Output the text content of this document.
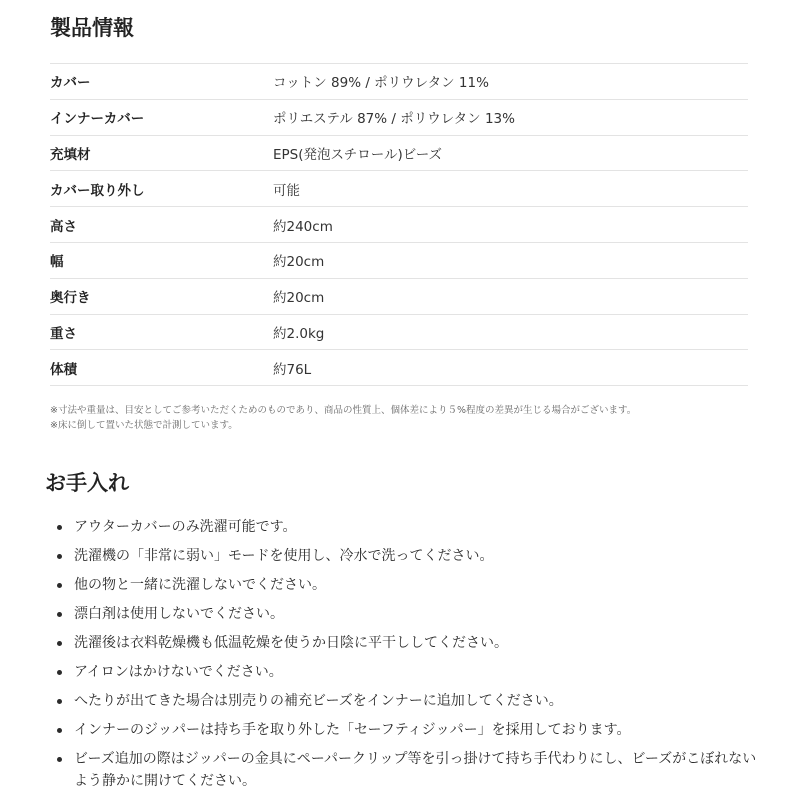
製品情報
カバー	コットン 89% / ポリウレタン 11%
インナーカバー	ポリエステル 87% / ポリウレタン 13%
充填材	EPS(発泡スチロール)ビーズ
カバー取り外し	可能
高さ	約240cm
幅	約20cm
奥行き	約20cm
重さ	約2.0kg
体積	約76L
※寸法や重量は、目安としてご参考いただくためのものであり、商品の性質上、個体差により５%程度の差異が生じる場合がございます。
※床に倒して置いた状態で計測しています。
お手入れ
アウターカバーのみ洗濯可能です。
洗濯機の「非常に弱い」モードを使用し、冷水で洗ってください。
他の物と一緒に洗濯しないでください。
漂白剤は使用しないでください。
洗濯後は衣料乾燥機も低温乾燥を使うか日陰に平干ししてください。
アイロンはかけないでください。
へたりが出てきた場合は別売りの補充ビーズをインナーに追加してください。
インナーのジッパーは持ち手を取り外した「セーフティジッパー」を採用しております。
ビーズ追加の際はジッパーの金具にペーパークリップ等を引っ掛けて持ち手代わりにし、ビーズがこぼれないよう静かに開けてください。
